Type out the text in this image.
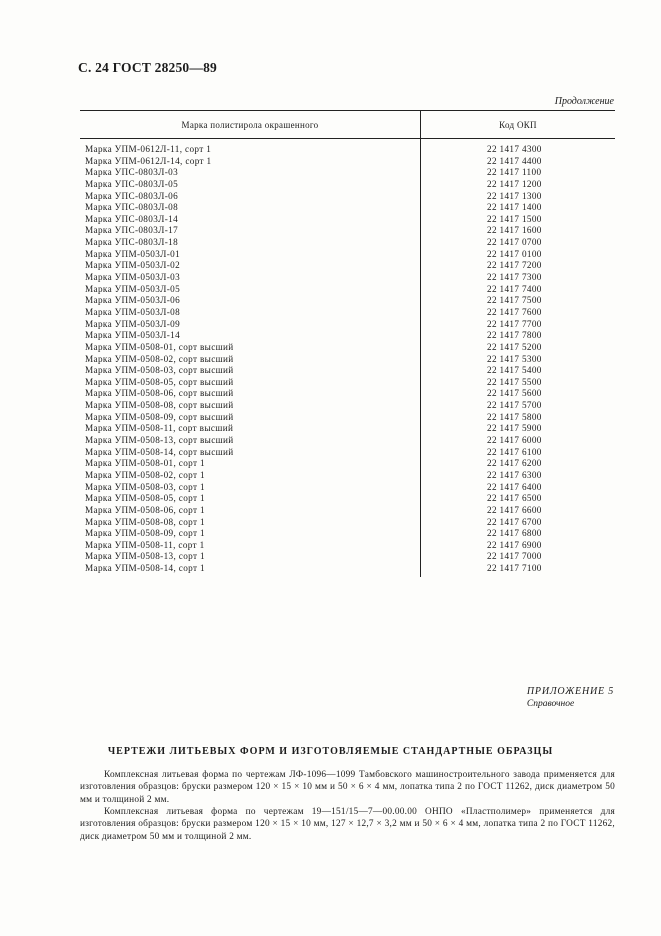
С. 24 ГОСТ 28250—89
Продолжение
Марка полистирола окрашенного	Код ОКП
Марка УПМ-0612Л-11, сорт 1
Марка УПМ-0612Л-14, сорт 1
Марка УПС-0803Л-03
Марка УПС-0803Л-05
Марка УПС-0803Л-06
Марка УПС-0803Л-08
Марка УПС-0803Л-14
Марка УПС-0803Л-17
Марка УПС-0803Л-18
Марка УПМ-0503Л-01
Марка УПМ-0503Л-02
Марка УПМ-0503Л-03
Марка УПМ-0503Л-05
Марка УПМ-0503Л-06
Марка УПМ-0503Л-08
Марка УПМ-0503Л-09
Марка УПМ-0503Л-14
Марка УПМ-0508-01, сорт высший
Марка УПМ-0508-02, сорт высший
Марка УПМ-0508-03, сорт высший
Марка УПМ-0508-05, сорт высший
Марка УПМ-0508-06, сорт высший
Марка УПМ-0508-08, сорт высший
Марка УПМ-0508-09, сорт высший
Марка УПМ-0508-11, сорт высший
Марка УПМ-0508-13, сорт высший
Марка УПМ-0508-14, сорт высший
Марка УПМ-0508-01, сорт 1
Марка УПМ-0508-02, сорт 1
Марка УПМ-0508-03, сорт 1
Марка УПМ-0508-05, сорт 1
Марка УПМ-0508-06, сорт 1
Марка УПМ-0508-08, сорт 1
Марка УПМ-0508-09, сорт 1
Марка УПМ-0508-11, сорт 1
Марка УПМ-0508-13, сорт 1
Марка УПМ-0508-14, сорт 1
22 1417 4300
22 1417 4400
22 1417 1100
22 1417 1200
22 1417 1300
22 1417 1400
22 1417 1500
22 1417 1600
22 1417 0700
22 1417 0100
22 1417 7200
22 1417 7300
22 1417 7400
22 1417 7500
22 1417 7600
22 1417 7700
22 1417 7800
22 1417 5200
22 1417 5300
22 1417 5400
22 1417 5500
22 1417 5600
22 1417 5700
22 1417 5800
22 1417 5900
22 1417 6000
22 1417 6100
22 1417 6200
22 1417 6300
22 1417 6400
22 1417 6500
22 1417 6600
22 1417 6700
22 1417 6800
22 1417 6900
22 1417 7000
22 1417 7100
ПРИЛОЖЕНИЕ 5
Справочное
ЧЕРТЕЖИ ЛИТЬЕВЫХ ФОРМ И ИЗГОТОВЛЯЕМЫЕ СТАНДАРТНЫЕ ОБРАЗЦЫ
Комплексная литьевая форма по чертежам ЛФ-1096—1099 Тамбовского машиностроительного завода применяется для изготовления образцов: бруски размером 120 × 15 × 10 мм и 50 × 6 × 4 мм, лопатка типа 2 по ГОСТ 11262, диск диаметром 50 мм и толщиной 2 мм.
Комплексная литьевая форма по чертежам 19—151/15—7—00.00.00 ОНПО «Пластполимер» применяется для изготовления образцов: бруски размером 120 × 15 × 10 мм, 127 × 12,7 × 3,2 мм и 50 × 6 × 4 мм, лопатка типа 2 по ГОСТ 11262, диск диаметром 50 мм и толщиной 2 мм.
